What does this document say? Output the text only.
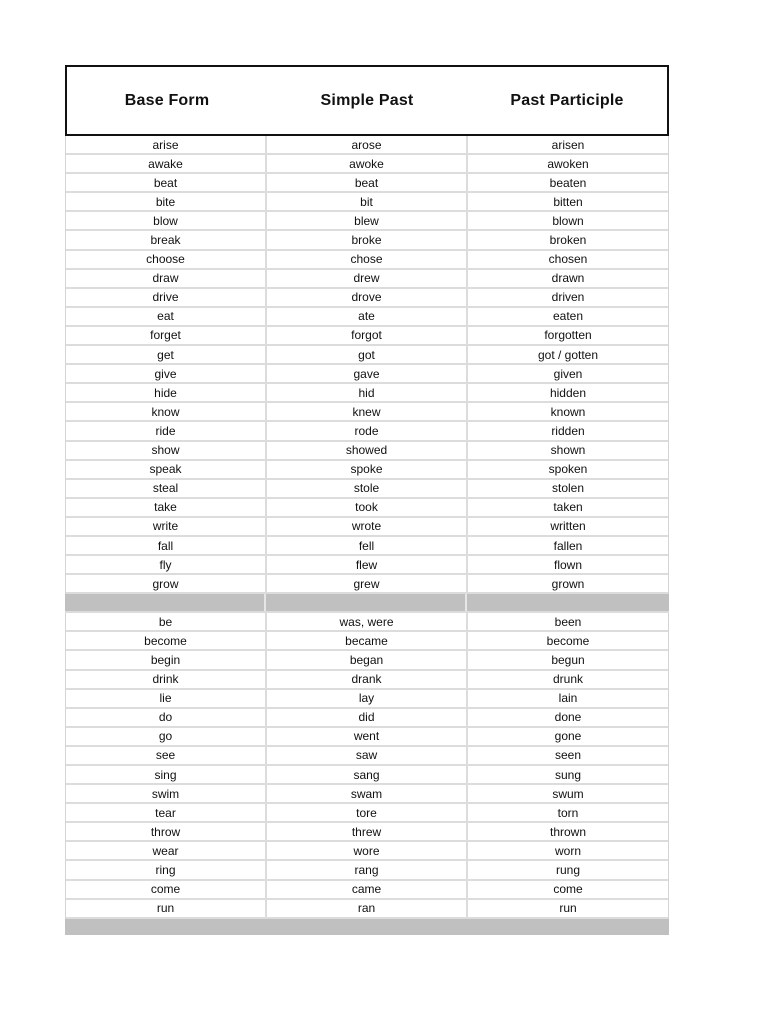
Base Form	Simple Past	Past Participle
arise	arose	arisen
awake	awoke	awoken
beat	beat	beaten
bite	bit	bitten
blow	blew	blown
break	broke	broken
choose	chose	chosen
draw	drew	drawn
drive	drove	driven
eat	ate	eaten
forget	forgot	forgotten
get	got	got / gotten
give	gave	given
hide	hid	hidden
know	knew	known
ride	rode	ridden
show	showed	shown
speak	spoke	spoken
steal	stole	stolen
take	took	taken
write	wrote	written
fall	fell	fallen
fly	flew	flown
grow	grew	grown
be	was, were	been
become	became	become
begin	began	begun
drink	drank	drunk
lie	lay	lain
do	did	done
go	went	gone
see	saw	seen
sing	sang	sung
swim	swam	swum
tear	tore	torn
throw	threw	thrown
wear	wore	worn
ring	rang	rung
come	came	come
run	ran	run
